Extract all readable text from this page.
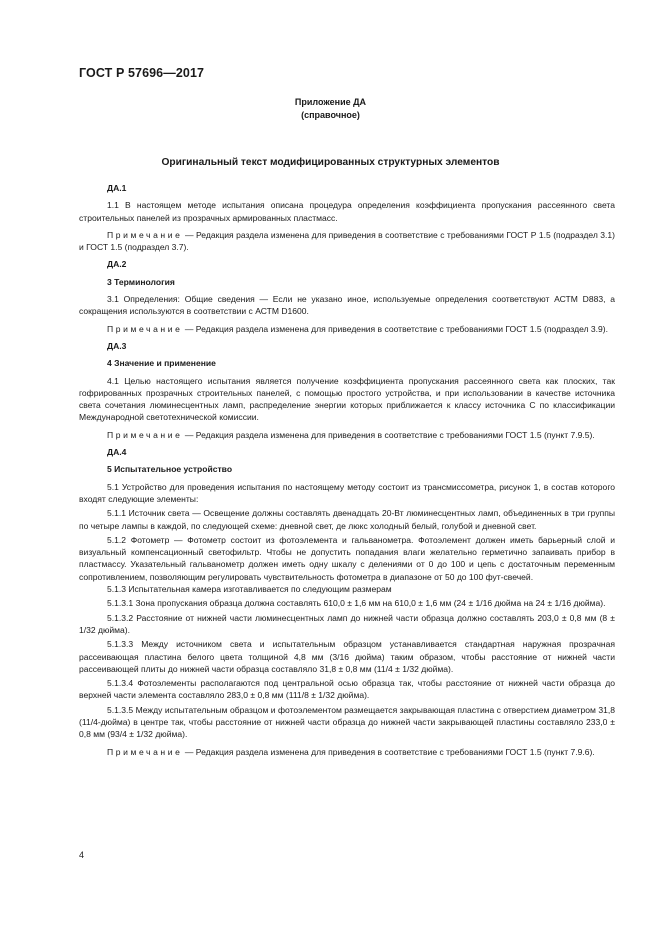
ГОСТ Р 57696—2017
Приложение ДА
(справочное)
Оригинальный текст модифицированных структурных элементов

ДА.1

1.1 В настоящем методе испытания описана процедура определения коэффициента пропускания рассеянного света строительных панелей из прозрачных армированных пластмасс.

Примечание — Редакция раздела изменена для приведения в соответствие с требованиями ГОСТ Р 1.5 (подраздел 3.1) и ГОСТ 1.5 (подраздел 3.7).

ДА.2

3 Терминология

3.1 Определения: Общие сведения — Если не указано иное, используемые определения соответствуют АСТМ D883, а сокращения используются в соответствии с АСТМ D1600.

Примечание — Редакция раздела изменена для приведения в соответствие с требованиями ГОСТ 1.5 (подраздел 3.9).

ДА.3

4 Значение и применение

4.1 Целью настоящего испытания является получение коэффициента пропускания рассеянного света как плоских, так гофрированных прозрачных строительных панелей, с помощью простого устройства, и при использовании в качестве источника света сочетания люминесцентных ламп, распределение энергии которых приближается к классу источника С по классификации Международной светотехнической комиссии.

Примечание — Редакция раздела изменена для приведения в соответствие с требованиями ГОСТ 1.5 (пункт 7.9.5).

ДА.4

5 Испытательное устройство

5.1 Устройство для проведения испытания по настоящему методу состоит из трансмиссометра, рисунок 1, в состав которого входят следующие элементы:

5.1.1 Источник света — Освещение должны составлять двенадцать 20-Вт люминесцентных ламп, объединенных в три группы по четыре лампы в каждой, по следующей схеме: дневной свет, де люкс холодный белый, голубой и дневной свет.

5.1.2 Фотометр — Фотометр состоит из фотоэлемента и гальванометра. Фотоэлемент должен иметь барьерный слой и визуальный компенсационный светофильтр. Чтобы не допустить попадания влаги желательно герметично запаивать прибор в пластмассу. Указательный гальванометр должен иметь одну шкалу с делениями от 0 до 100 и цепь с достаточным переменным сопротивлением, позволяющим регулировать чувствительность фотометра в диапазоне от 50 до 100 фут-свечей.

5.1.3 Испытательная камера изготавливается по следующим размерам

5.1.3.1 Зона пропускания образца должна составлять 610,0 ± 1,6 мм на 610,0 ± 1,6 мм (24 ± 1/16 дюйма на 24 ± 1/16 дюйма).

5.1.3.2 Расстояние от нижней части люминесцентных ламп до нижней части образца должно составлять 203,0 ± 0,8 мм (8 ± 1/32 дюйма).

5.1.3.3 Между источником света и испытательным образцом устанавливается стандартная наружная прозрачная рассеивающая пластина белого цвета толщиной 4,8 мм (3/16 дюйма) таким образом, чтобы расстояние от нижней части рассеивающей плиты до нижней части образца составляло 31,8 ± 0,8 мм (11/4 ± 1/32 дюйма).

5.1.3.4 Фотоэлементы располагаются под центральной осью образца так, чтобы расстояние от нижней части образца до верхней части элемента составляло 283,0 ± 0,8 мм (111/8 ± 1/32 дюйма).

5.1.3.5 Между испытательным образцом и фотоэлементом размещается закрывающая пластина с отверстием диаметром 31,8 (11/4-дюйма) в центре так, чтобы расстояние от нижней части образца до нижней части закрывающей пластины составляло 233,0 ± 0,8 мм (93/4 ± 1/32 дюйма).

Примечание — Редакция раздела изменена для приведения в соответствие с требованиями ГОСТ 1.5 (пункт 7.9.6).

4
